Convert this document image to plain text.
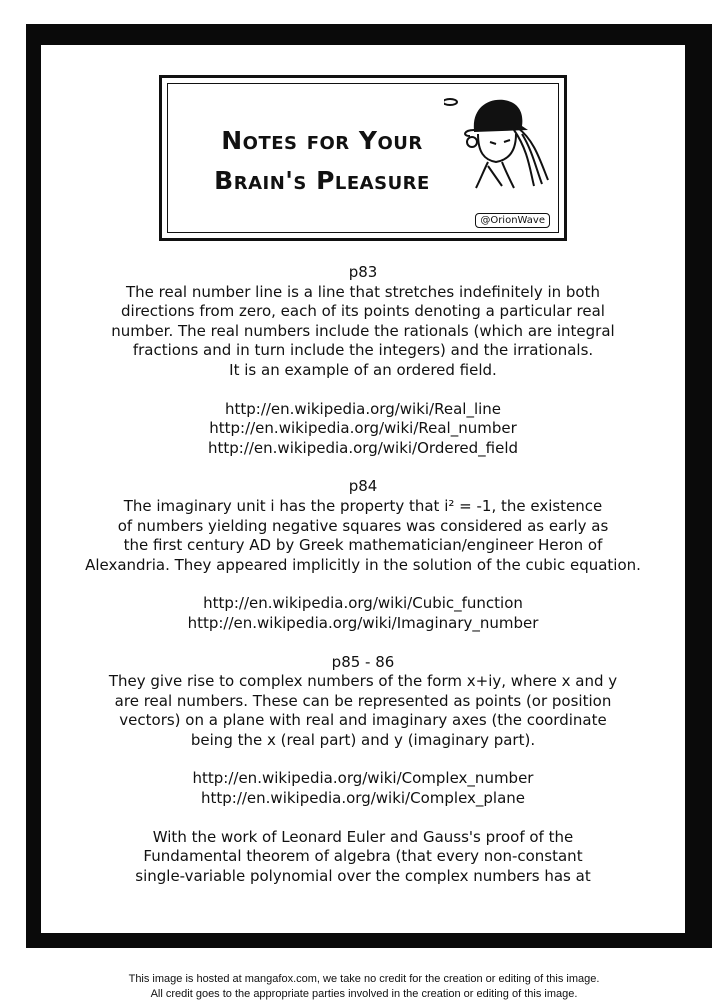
Notes for Your
Brain's Pleasure
@OrionWave

p83

The real number line is a line that stretches indefinitely in both

directions from zero, each of its points denoting a particular real

number. The real numbers include the rationals (which are integral

fractions and in turn include the integers) and the irrationals.

It is an example of an ordered field.

http://en.wikipedia.org/wiki/Real_line

http://en.wikipedia.org/wiki/Real_number

http://en.wikipedia.org/wiki/Ordered_field

p84

The imaginary unit i has the property that i² = -1, the existence

of numbers yielding negative squares was considered as early as

the first century AD by Greek mathematician/engineer Heron of

Alexandria. They appeared implicitly in the solution of the cubic equation.

http://en.wikipedia.org/wiki/Cubic_function

http://en.wikipedia.org/wiki/Imaginary_number

p85 - 86

They give rise to complex numbers of the form x+iy, where x and y

are real numbers. These can be represented as points (or position

vectors) on a plane with real and imaginary axes (the coordinate

being the x (real part) and y (imaginary part).

http://en.wikipedia.org/wiki/Complex_number

http://en.wikipedia.org/wiki/Complex_plane

With the work of Leonard Euler and Gauss's proof of the

Fundamental theorem of algebra (that every non-constant

single-variable polynomial over the complex numbers has at

This image is hosted at mangafox.com, we take no credit for the creation or editing of this image.
All credit goes to the appropriate parties involved in the creation or editing of this image.
